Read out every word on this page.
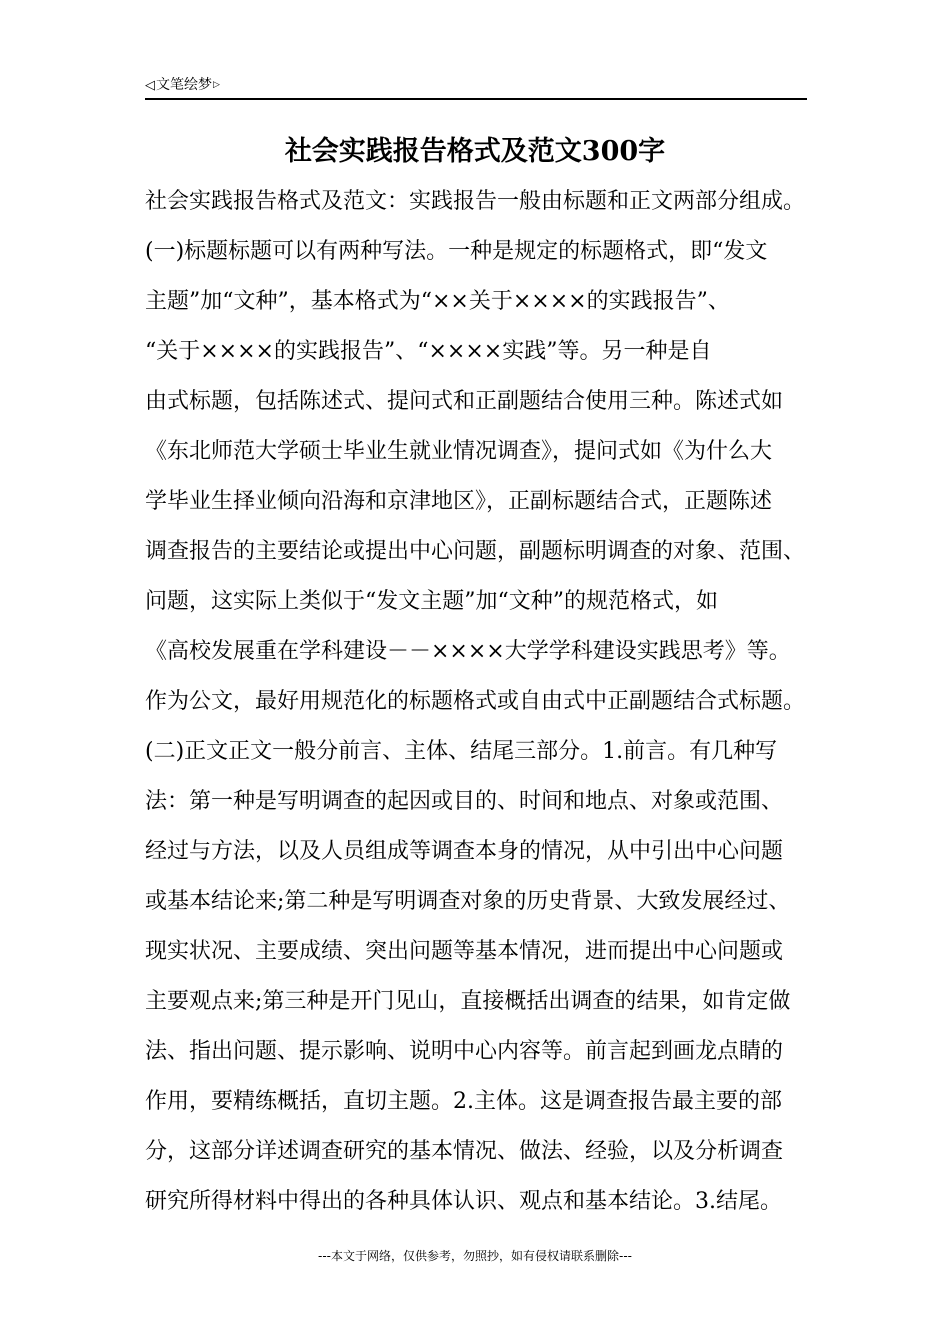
◁文笔绘梦▷
社会实践报告格式及范文300字
社会实践报告格式及范文：实践报告一般由标题和正文两部分组成。
(一)标题标题可以有两种写法。一种是规定的标题格式，即“发文
主题”加“文种”，基本格式为“××关于××××的实践报告”、
“关于××××的实践报告”、“××××实践”等。另一种是自
由式标题，包括陈述式、提问式和正副题结合使用三种。陈述式如
《东北师范大学硕士毕业生就业情况调查》，提问式如《为什么大
学毕业生择业倾向沿海和京津地区》，正副标题结合式，正题陈述
调查报告的主要结论或提出中心问题，副题标明调查的对象、范围、
问题，这实际上类似于“发文主题”加“文种”的规范格式，如
《高校发展重在学科建设－－××××大学学科建设实践思考》等。
作为公文，最好用规范化的标题格式或自由式中正副题结合式标题。
(二)正文正文一般分前言、主体、结尾三部分。1.前言。有几种写
法：第一种是写明调查的起因或目的、时间和地点、对象或范围、
经过与方法，以及人员组成等调查本身的情况，从中引出中心问题
或基本结论来;第二种是写明调查对象的历史背景、大致发展经过、
现实状况、主要成绩、突出问题等基本情况，进而提出中心问题或
主要观点来;第三种是开门见山，直接概括出调查的结果，如肯定做
法、指出问题、提示影响、说明中心内容等。前言起到画龙点睛的
作用，要精练概括，直切主题。2.主体。这是调查报告最主要的部
分，这部分详述调查研究的基本情况、做法、经验，以及分析调查
研究所得材料中得出的各种具体认识、观点和基本结论。3.结尾。
---本文于网络，仅供参考，勿照抄，如有侵权请联系删除---
